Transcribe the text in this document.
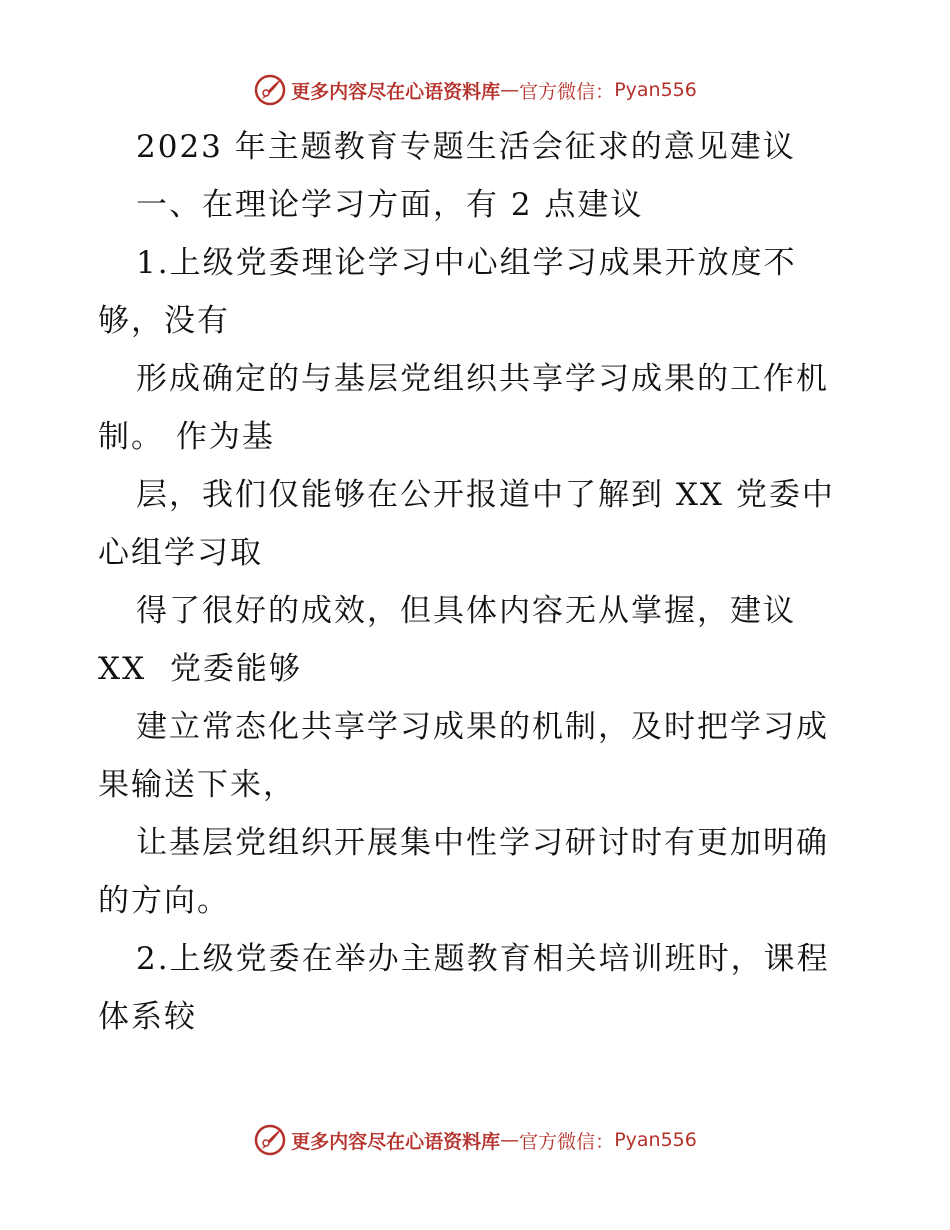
更多内容尽在心语资料库 — 官方微信： Pyan556
2023 年主题教育专题生活会征求的意见建议
一、在理论学习方面，有 2 点建议
1.上级党委理论学习中心组学习成果开放度不
够，没有
形成确定的与基层党组织共享学习成果的工作机
制。 作为基
层，我们仅能够在公开报道中了解到 XX 党委中
心组学习取
得了很好的成效，但具体内容无从掌握，建议
XX  党委能够
建立常态化共享学习成果的机制，及时把学习成
果输送下来，
让基层党组织开展集中性学习研讨时有更加明确
的方向。
2.上级党委在举办主题教育相关培训班时，课程
体系较
更多内容尽在心语资料库 — 官方微信： Pyan556
